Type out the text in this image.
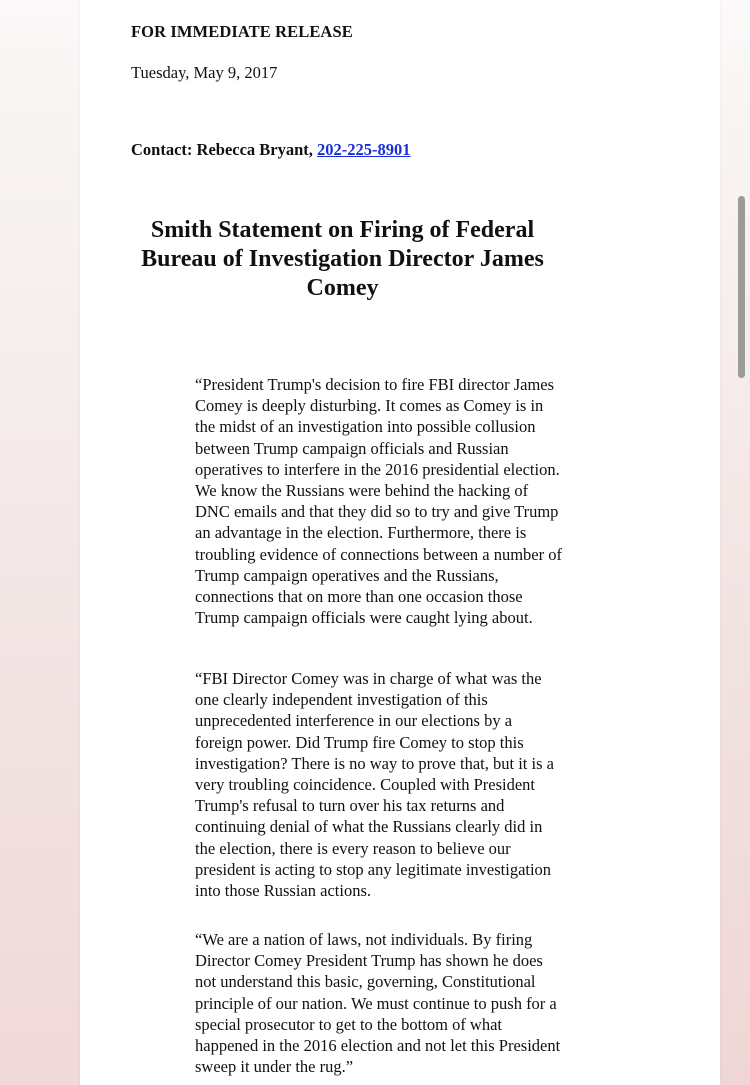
FOR IMMEDIATE RELEASE
Tuesday, May 9, 2017
Contact: Rebecca Bryant, 202-225-8901
Smith Statement on Firing of Federal Bureau of Investigation Director James Comey
“President Trump's decision to fire FBI director James Comey is deeply disturbing. It comes as Comey is in the midst of an investigation into possible collusion between Trump campaign officials and Russian operatives to interfere in the 2016 presidential election. We know the Russians were behind the hacking of DNC emails and that they did so to try and give Trump an advantage in the election. Furthermore, there is troubling evidence of connections between a number of Trump campaign operatives and the Russians, connections that on more than one occasion those Trump campaign officials were caught lying about.
“FBI Director Comey was in charge of what was the one clearly independent investigation of this unprecedented interference in our elections by a foreign power. Did Trump fire Comey to stop this investigation? There is no way to prove that, but it is a very troubling coincidence. Coupled with President Trump's refusal to turn over his tax returns and continuing denial of what the Russians clearly did in the election, there is every reason to believe our president is acting to stop any legitimate investigation into those Russian actions.
“We are a nation of laws, not individuals. By firing Director Comey President Trump has shown he does not understand this basic, governing, Constitutional principle of our nation. We must continue to push for a special prosecutor to get to the bottom of what happened in the 2016 election and not let this President sweep it under the rug.”
